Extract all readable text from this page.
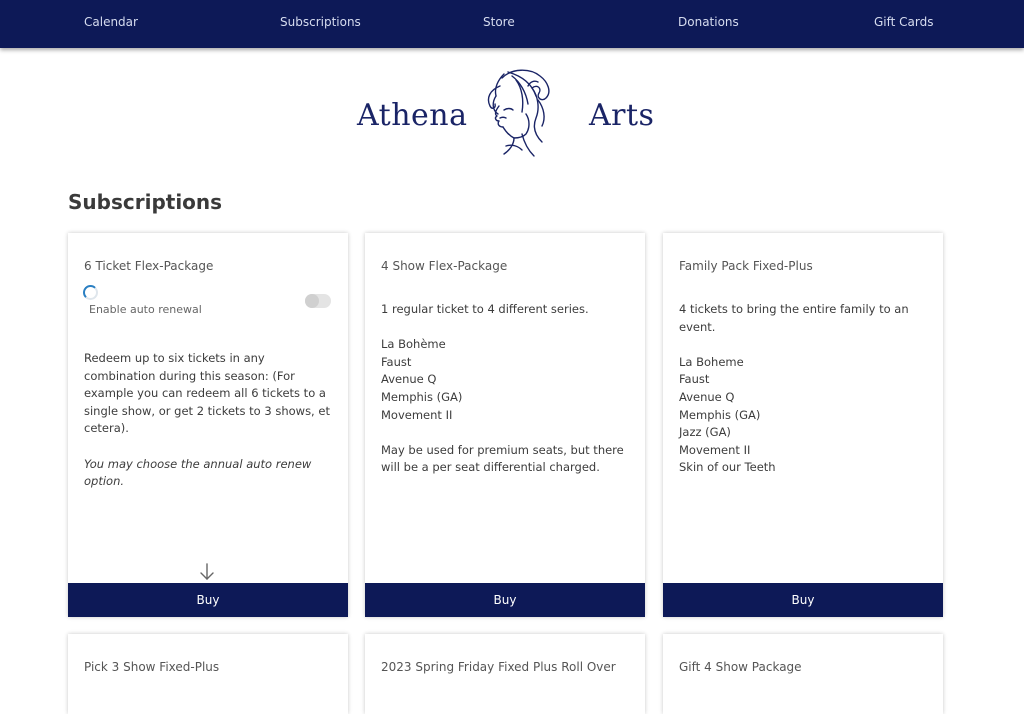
Calendar	Subscriptions	Store	Donations	Gift Cards
Athena	Arts
Subscriptions
6 Ticket Flex-Package
Enable auto renewal

Redeem up to six tickets in any combination during this season: (For example you can redeem all 6 tickets to a single show, or get 2 tickets to 3 shows, et cetera).

You may choose the annual auto renew option.

Buy
4 Show Flex-Package

1 regular ticket to 4 different series.

La Bohème

Faust

Avenue Q

Memphis (GA)

Movement II

May be used for premium seats, but there will be a per seat differential charged.

Buy
Family Pack Fixed-Plus

4 tickets to bring the entire family to an event.

La Boheme

Faust

Avenue Q

Memphis (GA)

Jazz (GA)

Movement II

Skin of our Teeth

Buy
Pick 3 Show Fixed-Plus	2023 Spring Friday Fixed Plus Roll Over	Gift 4 Show Package
